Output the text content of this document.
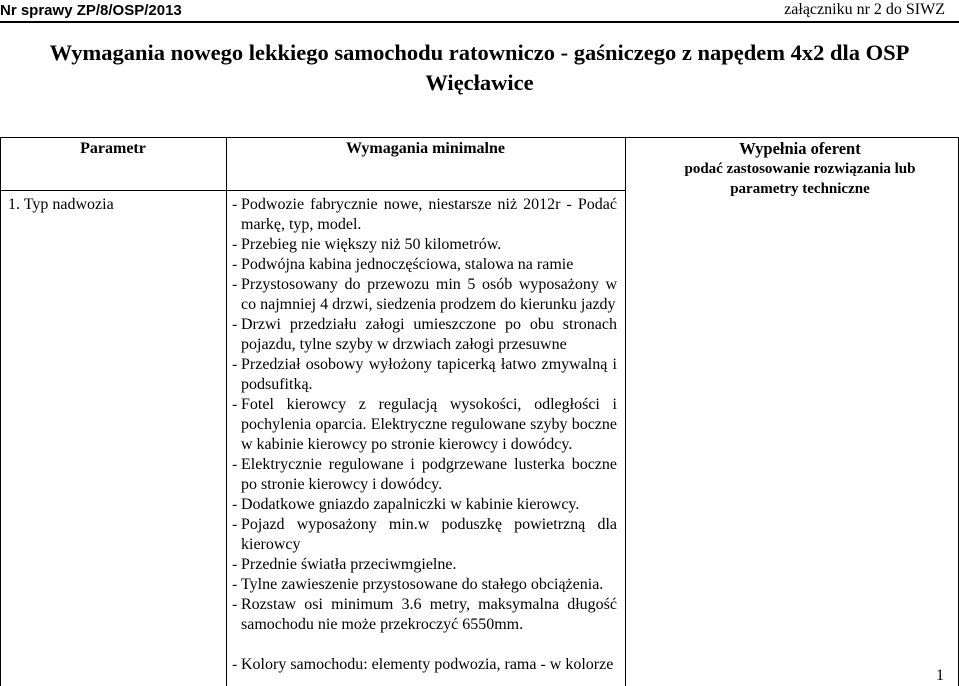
Nr sprawy ZP/8/OSP/2013	załączniku nr 2 do SIWZ
Wymagania nowego lekkiego samochodu ratowniczo - gaśniczego z napędem 4x2 dla OSP
Więcławice
Parametr	Wymagania minimalne	Wypełnia oferent
podać zastosowanie rozwiązania lub
parametry techniczne
1. Typ nadwozia	- Podwozie fabrycznie nowe, niestarsze niż 2012r - Podać markę, typ, model.
- Przebieg nie większy niż 50 kilometrów.
- Podwójna kabina jednoczęściowa, stalowa na ramie
- Przystosowany do przewozu min 5 osób wyposażony w co najmniej 4 drzwi, siedzenia prodzem do kierunku jazdy
- Drzwi przedziału załogi umieszczone po obu stronach pojazdu, tylne szyby w drzwiach załogi przesuwne
- Przedział osobowy wyłożony tapicerką łatwo zmywalną i podsufitką.
- Fotel kierowcy z regulacją wysokości, odległości i pochylenia oparcia. Elektryczne regulowane szyby boczne w kabinie kierowcy po stronie kierowcy i dowódcy.
- Elektrycznie regulowane i podgrzewane lusterka boczne po stronie kierowcy i dowódcy.
- Dodatkowe gniazdo zapalniczki w kabinie kierowcy.
- Pojazd wyposażony min.w poduszkę powietrzną dla kierowcy
- Przednie światła przeciwmgielne.
- Tylne zawieszenie przystosowane do stałego obciążenia.
- Rozstaw osi minimum 3.6 metry, maksymalna długość samochodu nie może przekroczyć 6550mm.
- Kolory samochodu: elementy podwozia, rama - w kolorze
1
